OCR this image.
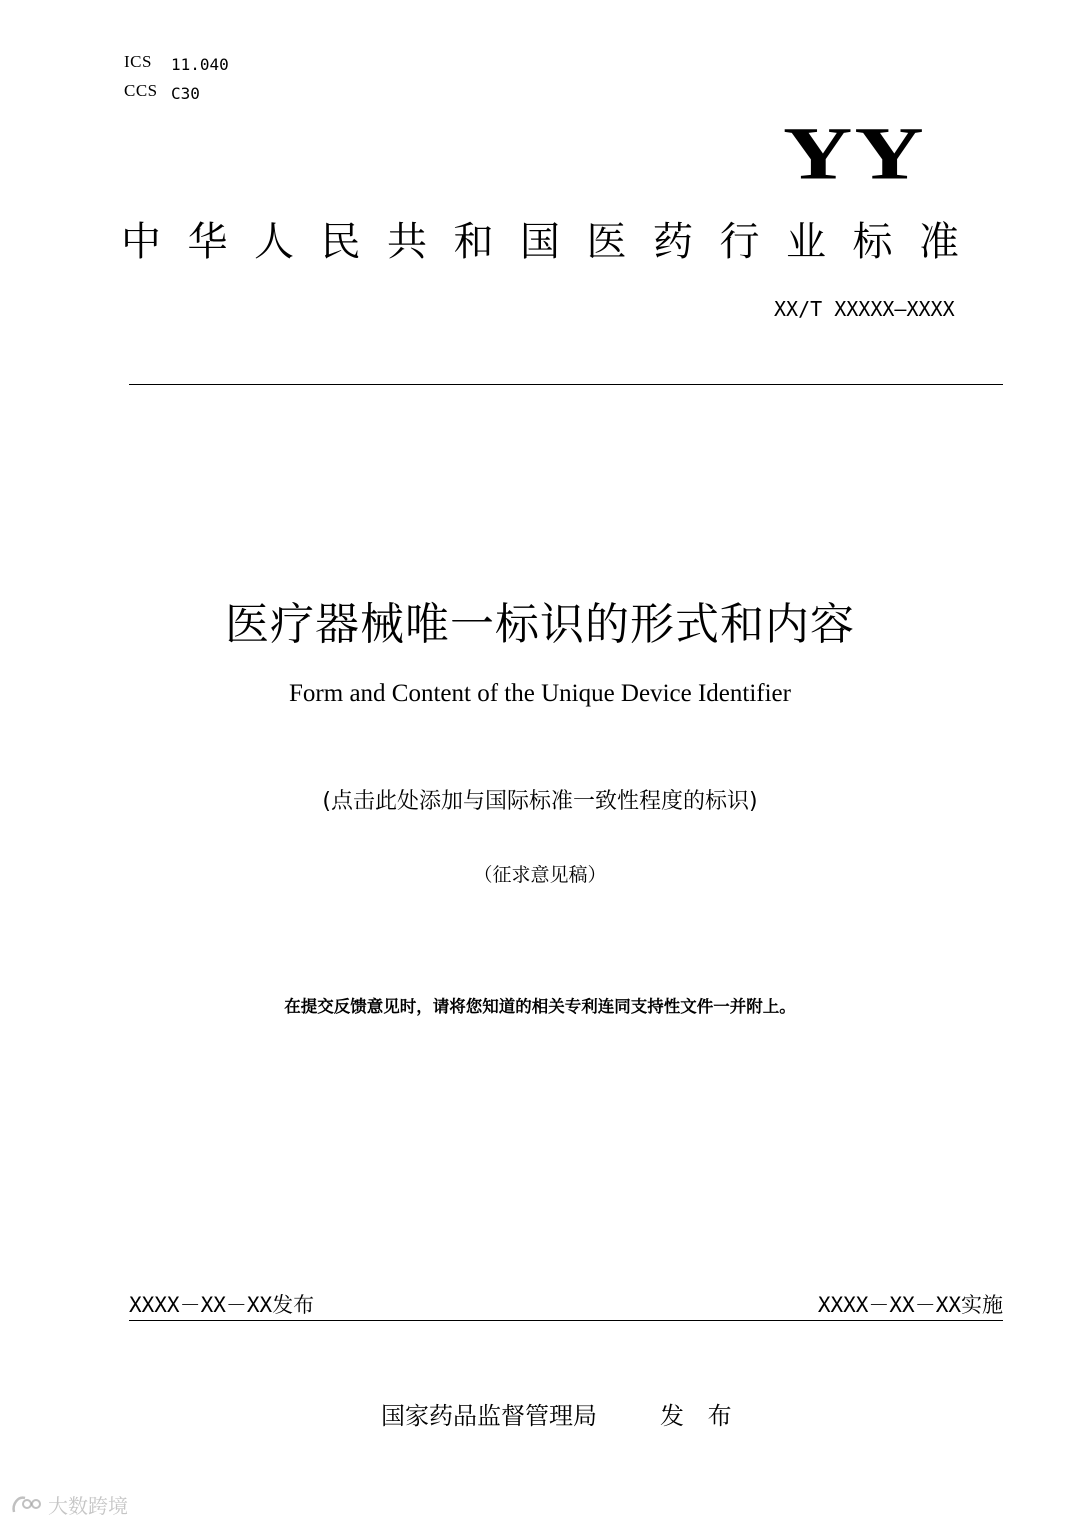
ICS 11.040
CCS C30
YY
中华人民共和国医药行业标准
XX/T XXXXX—XXXX
医疗器械唯一标识的形式和内容
Form and Content of the Unique Device Identifier
(点击此处添加与国际标准一致性程度的标识)
（征求意见稿）
在提交反馈意见时，请将您知道的相关专利连同支持性文件一并附上。
XXXX－XX－XX发布	XXXX－XX－XX实施
国家药品监督管理局	发 布
大数跨境
